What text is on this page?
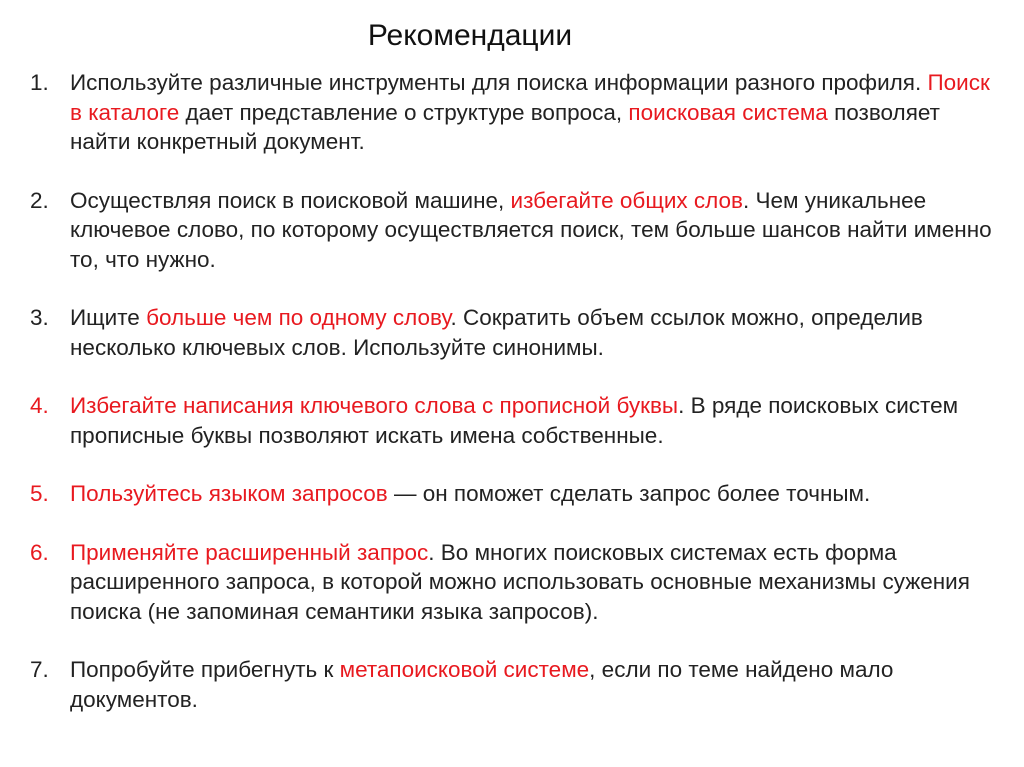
Рекомендации
1. Используйте различные инструменты для поиска информации разного профиля. Поиск в каталоге дает представление о структуре вопроса, поисковая система позволяет найти конкретный документ.
2. Осуществляя поиск в поисковой машине, избегайте общих слов. Чем уникальнее ключевое слово, по которому осуществляется поиск, тем больше шансов найти именно то, что нужно.
3. Ищите больше чем по одному слову. Сократить объем ссылок можно, определив несколько ключевых слов. Используйте синонимы.
4. Избегайте написания ключевого слова с прописной буквы. В ряде поисковых систем прописные буквы позволяют искать имена собственные.
5. Пользуйтесь языком запросов — он поможет сделать запрос более точным.
6. Применяйте расширенный запрос. Во многих поисковых системах есть форма расширенного запроса, в которой можно использовать основные механизмы сужения поиска (не запоминая семантики языка запросов).
7. Попробуйте прибегнуть к метапоисковой системе, если по теме найдено мало документов.
